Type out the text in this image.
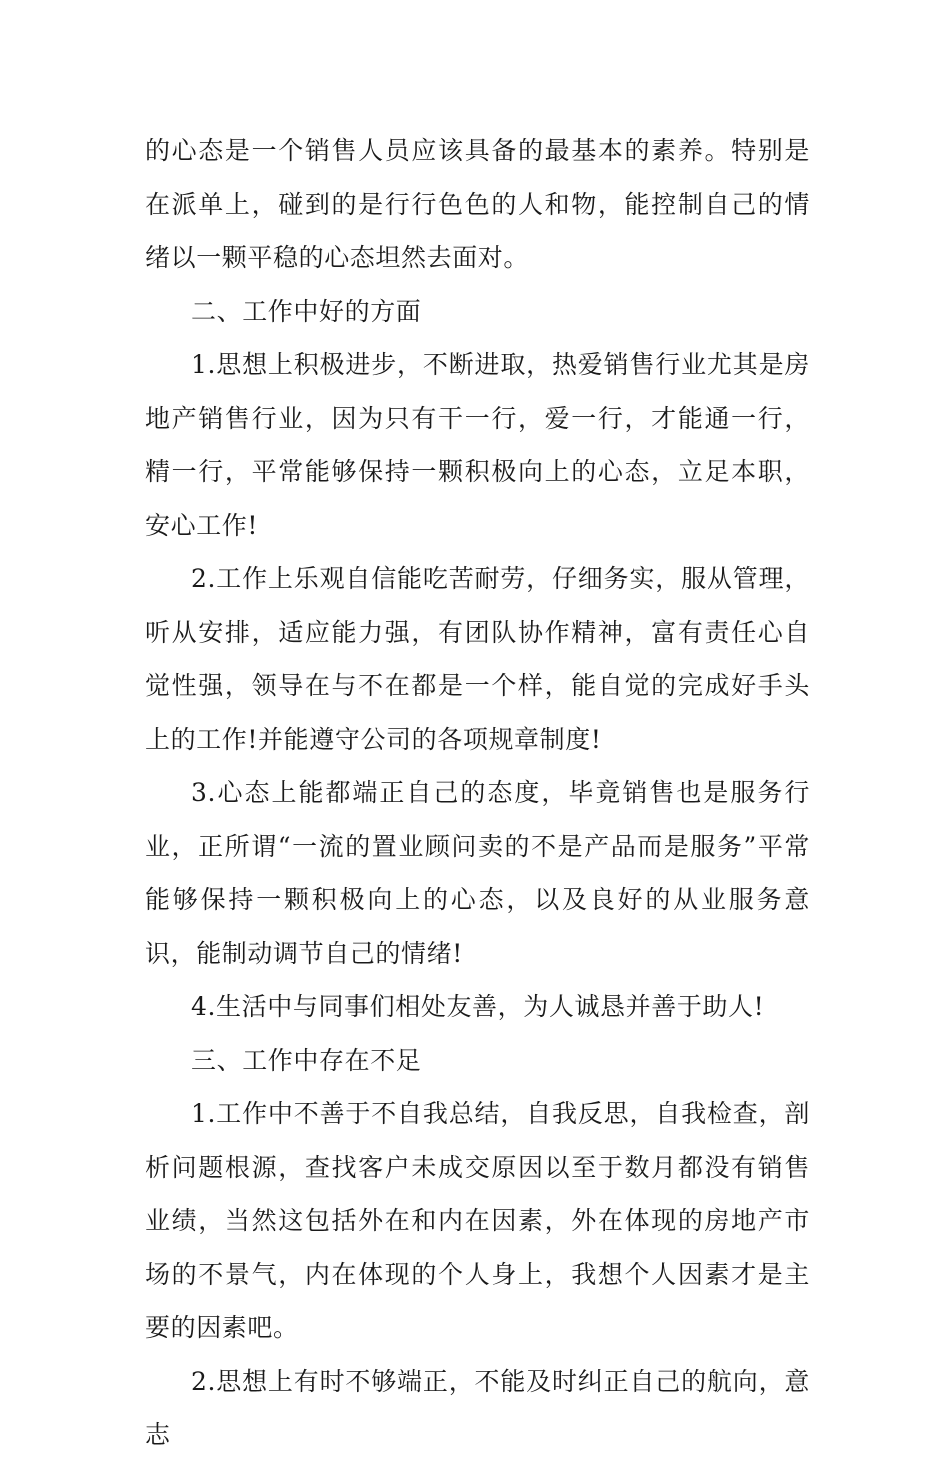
的心态是一个销售人员应该具备的最基本的素养。特别是在派单上，碰到的是行行色色的人和物，能控制自己的情绪以一颗平稳的心态坦然去面对。

二、工作中好的方面

1.思想上积极进步，不断进取，热爱销售行业尤其是房地产销售行业，因为只有干一行，爱一行，才能通一行，精一行，平常能够保持一颗积极向上的心态，立足本职，安心工作!

2.工作上乐观自信能吃苦耐劳，仔细务实，服从管理，听从安排，适应能力强，有团队协作精神，富有责任心自觉性强，领导在与不在都是一个样，能自觉的完成好手头上的工作!并能遵守公司的各项规章制度!

3.心态上能都端正自己的态度，毕竟销售也是服务行业，正所谓“一流的置业顾问卖的不是产品而是服务”平常能够保持一颗积极向上的心态，以及良好的从业服务意识，能制动调节自己的情绪!

4.生活中与同事们相处友善，为人诚恳并善于助人!

三、工作中存在不足

1.工作中不善于不自我总结，自我反思，自我检查，剖析问题根源，查找客户未成交原因以至于数月都没有销售业绩，当然这包括外在和内在因素，外在体现的房地产市场的不景气，内在体现的个人身上，我想个人因素才是主要的因素吧。

2.思想上有时不够端正，不能及时纠正自己的航向，意志
